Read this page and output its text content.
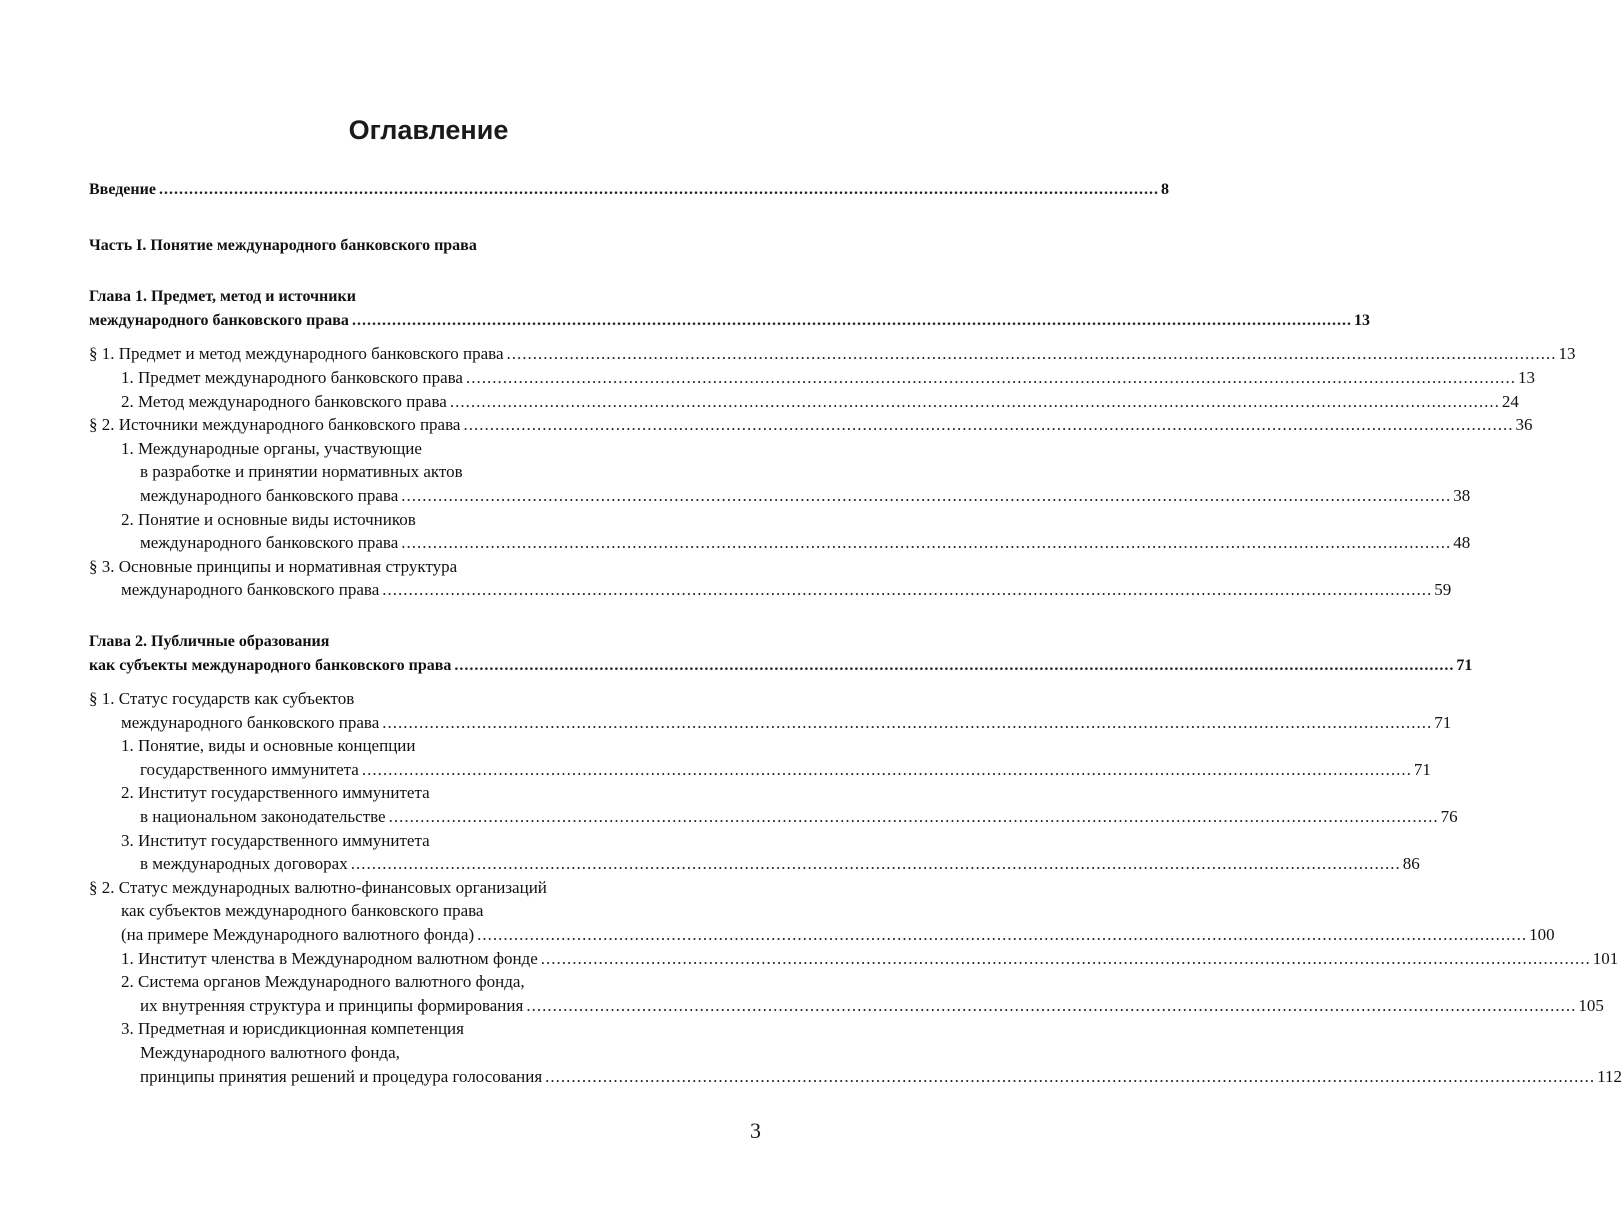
Оглавление
Введение ........................................................................................................................................................................................................ 8
Часть I. Понятие международного банковского права
Глава 1. Предмет, метод и источники
международного банковского права ........................................................................................................................................................................................................ 13
§ 1. Предмет и метод международного банковского права ........................................................................................................................................................................................................ 13
1. Предмет международного банковского права ........................................................................................................................................................................................................ 13
2. Метод международного банковского права ........................................................................................................................................................................................................ 24
§ 2. Источники международного банковского права ........................................................................................................................................................................................................ 36
1. Международные органы, участвующие
в разработке и принятии нормативных актов
международного банковского права ........................................................................................................................................................................................................ 38
2. Понятие и основные виды источников
международного банковского права ........................................................................................................................................................................................................ 48
§ 3. Основные принципы и нормативная структура
международного банковского права ........................................................................................................................................................................................................ 59
Глава 2. Публичные образования
как субъекты международного банковского права ........................................................................................................................................................................................................ 71
§ 1. Статус государств как субъектов
международного банковского права ........................................................................................................................................................................................................ 71
1. Понятие, виды и основные концепции
государственного иммунитета ........................................................................................................................................................................................................ 71
2. Институт государственного иммунитета
в национальном законодательстве ........................................................................................................................................................................................................ 76
3. Институт государственного иммунитета
в международных договорах ........................................................................................................................................................................................................ 86
§ 2. Статус международных валютно-финансовых организаций
как субъектов международного банковского права
(на примере Международного валютного фонда) ........................................................................................................................................................................................................ 100
1. Институт членства в Международном валютном фонде ........................................................................................................................................................................................................ 101
2. Система органов Международного валютного фонда,
их внутренняя структура и принципы формирования ........................................................................................................................................................................................................ 105
3. Предметная и юрисдикционная компетенция
Международного валютного фонда,
принципы принятия решений и процедура голосования ........................................................................................................................................................................................................ 112
3
